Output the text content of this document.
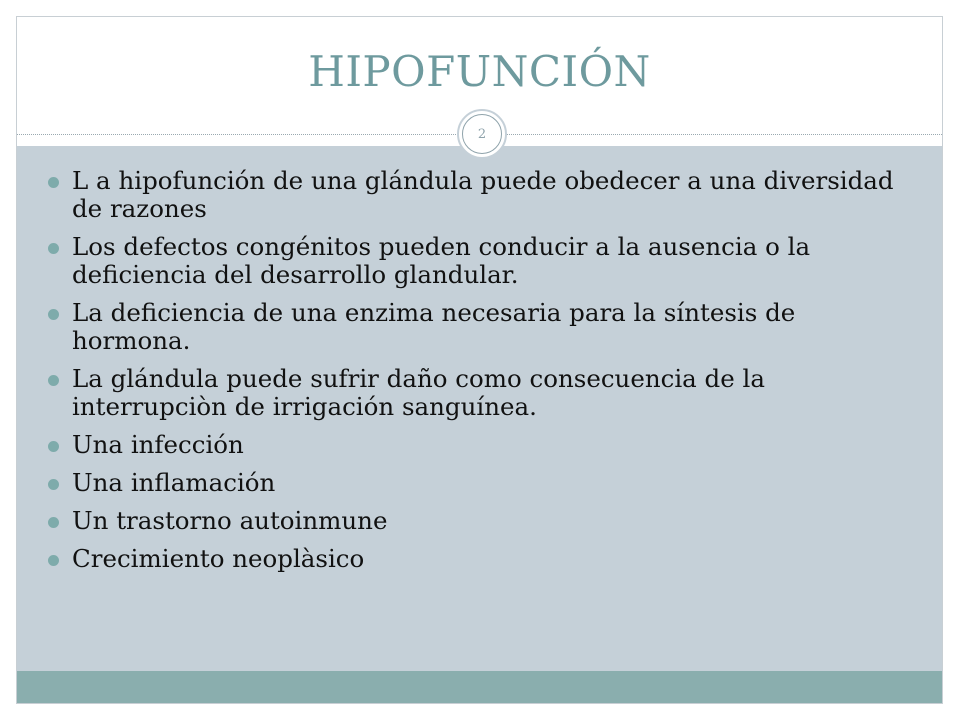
HIPOFUNCIÓN
2
L a hipofunción de una glándula puede obedecer a una diversidad de razones
Los defectos congénitos pueden conducir a la ausencia o la deficiencia del desarrollo glandular.
La deficiencia de una enzima necesaria para la síntesis de hormona.
La glándula puede sufrir daño como consecuencia de la interrupciòn de irrigación sanguínea.
Una infección
Una inflamación
Un trastorno autoinmune
Crecimiento neoplàsico
